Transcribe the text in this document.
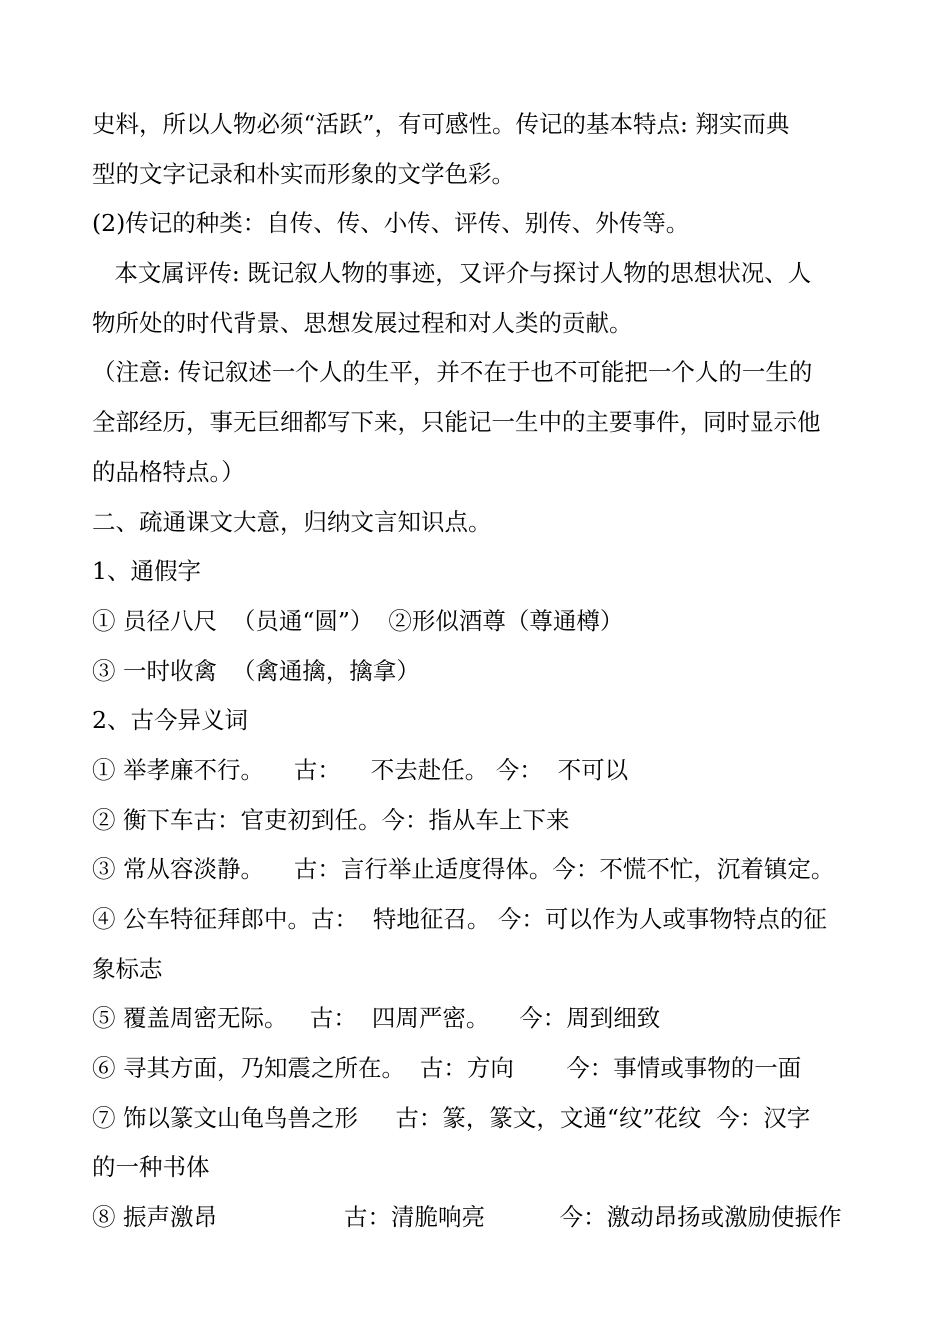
史料，所以人物必须“活跃”，有可感性。传记的基本特点: 翔实而典
型的文字记录和朴实而形象的文学色彩。
(2)传记的种类：自传、传、小传、评传、别传、外传等。
本文属评传: 既记叙人物的事迹，又评介与探讨人物的思想状况、人
物所处的时代背景、思想发展过程和对人类的贡献。
（注意: 传记叙述一个人的生平，并不在于也不可能把一个人的一生的
全部经历，事无巨细都写下来，只能记一生中的主要事件，同时显示他
的品格特点。）
二、疏通课文大意，归纳文言知识点。
1、通假字
① 员径八尺  （员通“圆”）  ②形似酒尊（尊通樽）
③ 一时收禽  （禽通擒，擒拿）
2、古今异义词
① 举孝廉不行。    古：    不去赴任。 今：  不可以
② 衡下车古：官吏初到任。今：指从车上下来
③ 常从容淡静。    古：言行举止适度得体。今：不慌不忙，沉着镇定。
④ 公车特征拜郎中。古：  特地征召。 今：可以作为人或事物特点的征
象标志
⑤ 覆盖周密无际。   古：  四周严密。    今：周到细致
⑥ 寻其方面，乃知震之所在。  古：方向       今：事情或事物的一面
⑦ 饰以篆文山龟鸟兽之形     古：篆，篆文，文通“纹”花纹  今：汉字
的一种书体
⑧ 振声激昂                 古：清脆响亮          今：激动昂扬或激励使振作
